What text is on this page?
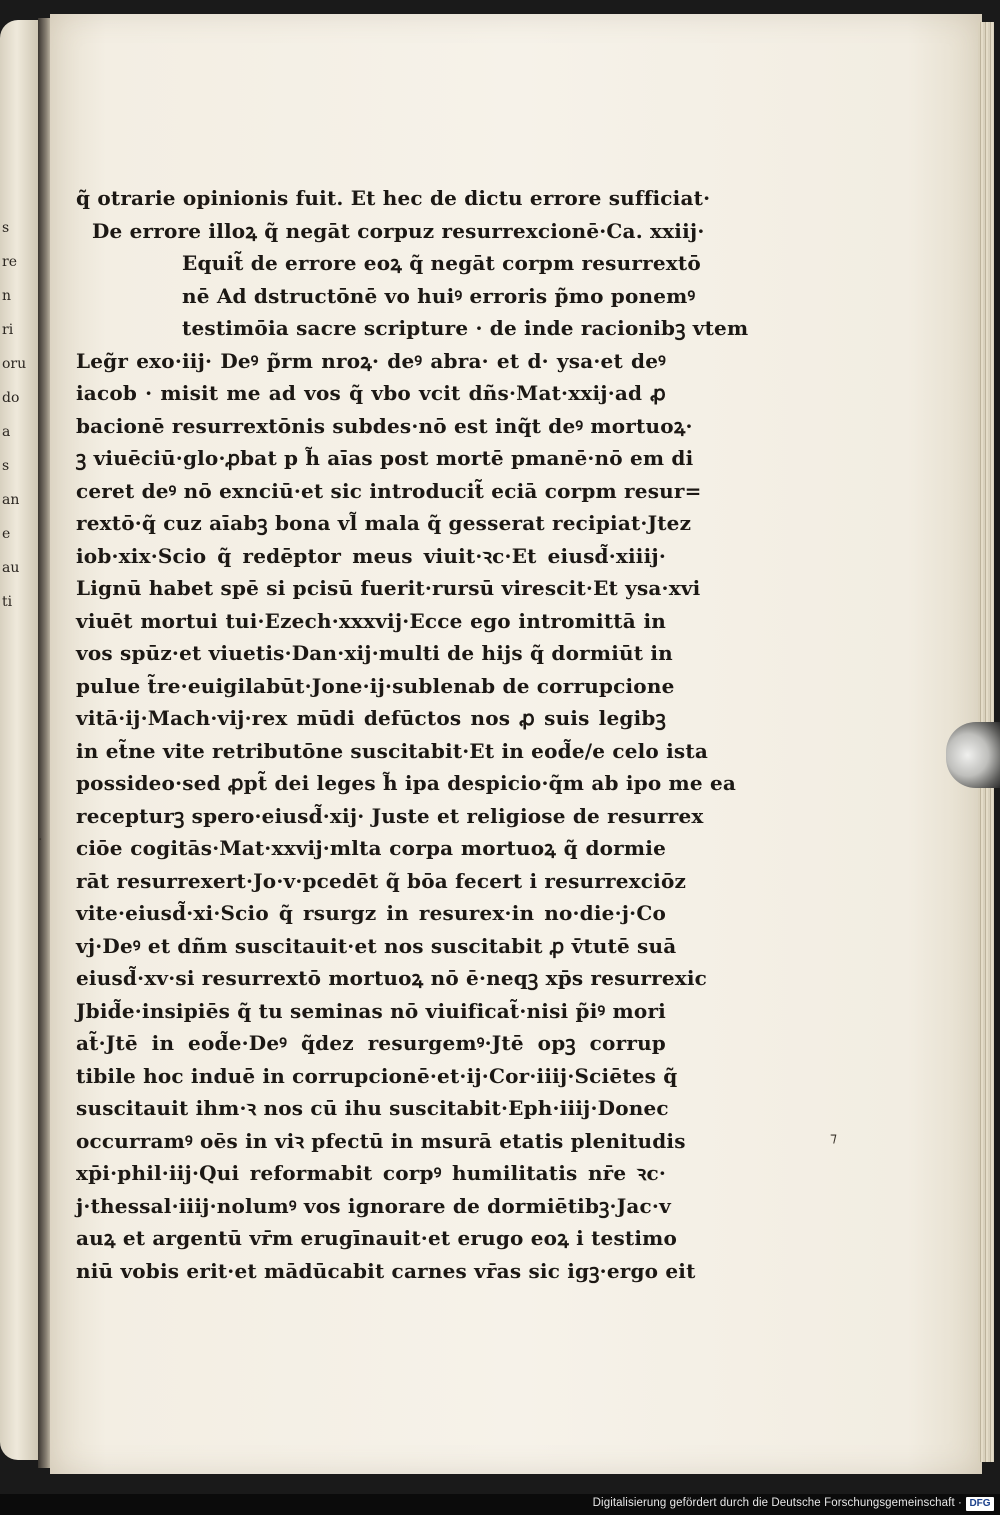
s
re
n
ri
oru
do
a
s
an
e
au
ti
q̃ otrarie opinionis fuit. Et hec de dictu errore sufficiat·
De errore illoꝝ q̃ negāt corpuz resurrexcionē·Ca. xxiij·
Equit̃ de errore eoꝝ q̃ negāt corpm resurrextō
nē Ad dstructōnē vo huiꝰ erroris p̃mo ponemꝰ
testimōia sacre scripture · de inde racionibꝫ vtem
Leg̃r exo·iij· Deꝰ p̃rm nroꝝ· deꝰ abra· et d· ysa·et deꝰ
iacob · misit me ad vos q̃ vbo vcit dñs·Mat·xxij·ad ꝓ
bacionē resurrextōnis subdes·nō est inq̃t deꝰ mortuoꝝ·
ꝫ viuēciū·glo·ꝓbat p h̃ aīas post mortē pmanē·nō em di
ceret deꝰ nō exnciū·et sic introducit̃ eciā corpm resur=
rextō·q̃ cuz aīabꝫ bona vl̃ mala q̃ gesserat recipiat·Jtez
iob·xix·Scio q̃ redēptor meus viuit·ꝛc·Et eiusd̃·xiiij·
Lignū habet spē si pcisū fuerit·rursū virescit·Et ysa·xvi
viuēt mortui tui·Ezech·xxxvij·Ecce ego intromittā in
vos spūz·et viuetis·Dan·xij·multi de hijs q̃ dormiūt in
pulue t̃re·euigilabūt·Jone·ij·sublenab de corrupcione
vitā·ij·Mach·vij·rex mūdi defūctos nos ꝓ suis legibꝫ
in et̃ne vite retributōne suscitabit·Et in eod̃e/e celo ista
possideo·sed ꝓpt̃ dei leges h̃ ipa despicio·q̃m ab ipo me ea
recepturꝫ spero·eiusd̃·xij· Juste et religiose de resurrex
ciōe cogitās·Mat·xxvij·mlta corpa mortuoꝝ q̃ dormie
rāt resurrexert·Jo·v·pcedēt q̃ bōa fecert i resurrexciōz
vite·eiusd̃·xi·Scio q̃ rsurgz in resurex·in no·die·j·Co
vj·Deꝰ et dñm suscitauit·et nos suscitabit ꝓ v̄tutē suā
eiusd̃·xv·si resurrextō mortuoꝝ nō ē·neqꝫ xp̄s resurrexic
Jbid̃e·insipiēs q̃ tu seminas nō viuificat̃·nisi p̃iꝰ mori
at̃·Jtē in eod̃e·Deꝰ q̃dez resurgemꝰ·Jtē opꝫ corrup
tibile hoc induē in corrupcionē·et·ij·Cor·iiij·Sciētes q̃
suscitauit ihm·ꝛ nos cū ihu suscitabit·Eph·iiij·Donec
occurramꝰ oēs in viꝛ pfectū in msurā etatis plenitudis
xp̄i·phil·iij·Qui reformabit corpꝰ humilitatis nr̄e ꝛc·
j·thessal·iiij·nolumꝰ vos ignorare de dormiētibꝫ·Jac·v
auꝝ et argentū vr̄m erugīnauit·et erugo eoꝝ i testimo
niū vobis erit·et mādūcabit carnes vr̄as sic igꝫ·ergo eit
·
⁊
Digitalisierung gefördert durch die Deutsche Forschungsgemeinschaft · DFG
